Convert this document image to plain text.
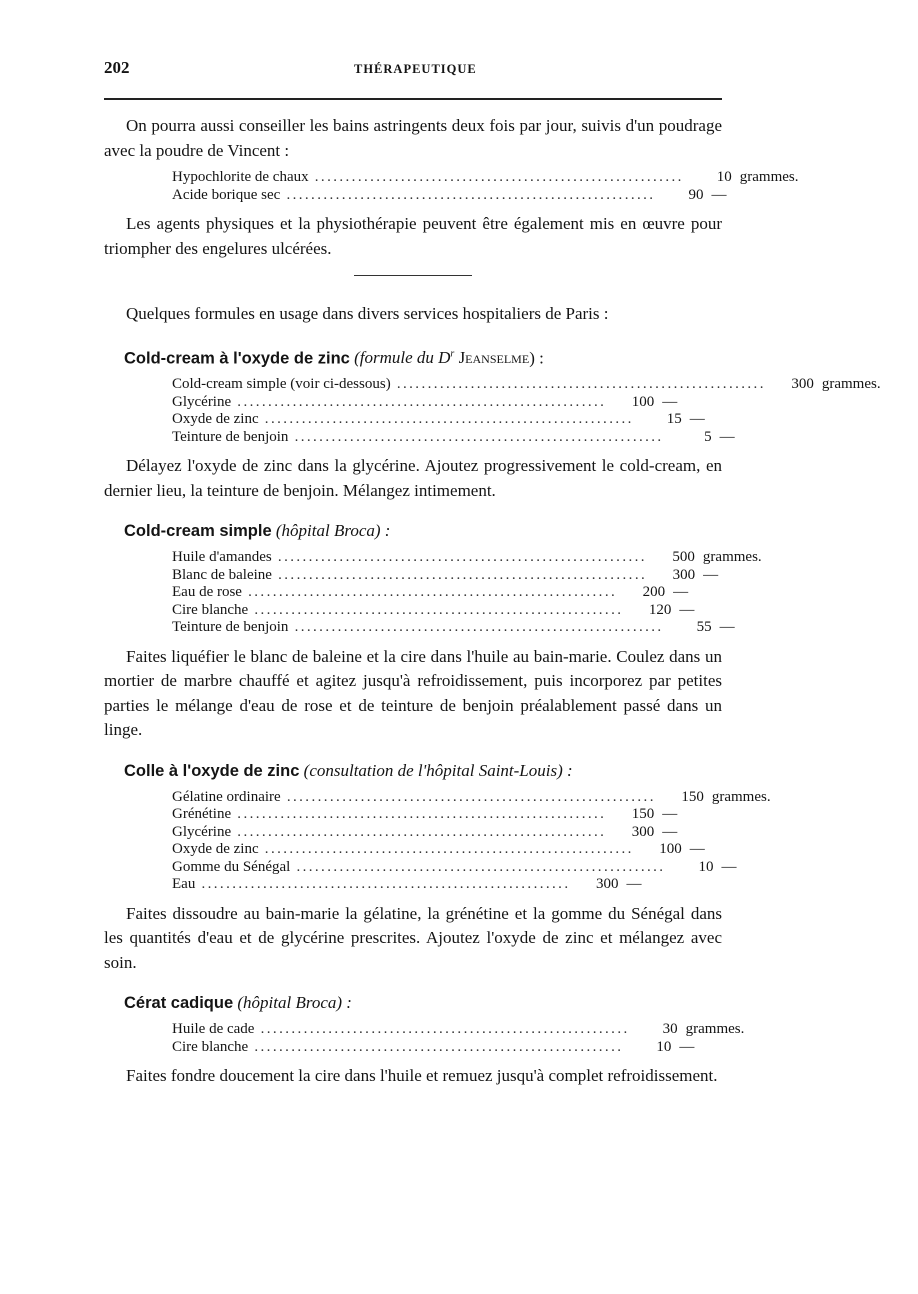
202	THÉRAPEUTIQUE

On pourra aussi conseiller les bains astringents deux fois par jour, suivis d'un poudrage avec la poudre de Vincent :

Hypochlorite de chaux ............................................................	10 grammes.
Acide borique sec ............................................................	90 —

Les agents physiques et la physiothérapie peuvent être également mis en œuvre pour triompher des engelures ulcérées.

Quelques formules en usage dans divers services hospitaliers de Paris :

Cold-cream à l'oxyde de zinc (formule du $D^r$ Jeanselme) :
Cold-cream simple (voir ci-dessous) ............................................................	300 grammes.
Glycérine ............................................................	100 —
Oxyde de zinc ............................................................	15 —
Teinture de benjoin ............................................................	5 —

Délayez l'oxyde de zinc dans la glycérine. Ajoutez progressivement le cold-cream, en dernier lieu, la teinture de benjoin. Mélangez intimement.

Cold-cream simple (hôpital Broca) :
Huile d'amandes ............................................................	500 grammes.
Blanc de baleine ............................................................	300 —
Eau de rose ............................................................	200 —
Cire blanche ............................................................	120 —
Teinture de benjoin ............................................................	55 —

Faites liquéfier le blanc de baleine et la cire dans l'huile au bain-marie. Coulez dans un mortier de marbre chauffé et agitez jusqu'à refroidissement, puis incorporez par petites parties le mélange d'eau de rose et de teinture de benjoin préalablement passé dans un linge.

Colle à l'oxyde de zinc (consultation de l'hôpital Saint-Louis) :
Gélatine ordinaire ............................................................	150 grammes.
Grénétine ............................................................	150 —
Glycérine ............................................................	300 —
Oxyde de zinc ............................................................	100 —
Gomme du Sénégal ............................................................	10 —
Eau ............................................................	300 —

Faites dissoudre au bain-marie la gélatine, la grénétine et la gomme du Sénégal dans les quantités d'eau et de glycérine prescrites. Ajoutez l'oxyde de zinc et mélangez avec soin.

Cérat cadique (hôpital Broca) :
Huile de cade ............................................................	30 grammes.
Cire blanche ............................................................	10 —

Faites fondre doucement la cire dans l'huile et remuez jusqu'à complet refroidissement.
